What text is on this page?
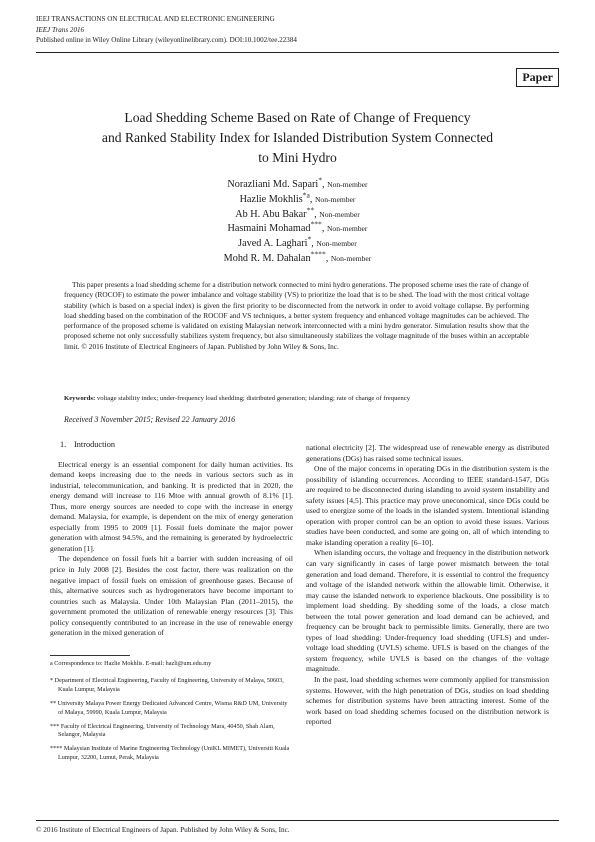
IEEJ TRANSACTIONS ON ELECTRICAL AND ELECTRONIC ENGINEERING
IEEJ Trans 2016
Published online in Wiley Online Library (wileyonlinelibrary.com). DOI:10.1002/tee.22384
Paper
Load Shedding Scheme Based on Rate of Change of Frequency
and Ranked Stability Index for Islanded Distribution System Connected
to Mini Hydro
Norazliani Md. Sapari*, Non-member
Hazlie Mokhlis$^{*a}$, Non-member
Ab H. Abu Bakar**, Non-member
Hasmaini Mohamad***, Non-member
Javed A. Laghari*, Non-member
Mohd R. M. Dahalan****, Non-member

This paper presents a load shedding scheme for a distribution network connected to mini hydro generations. The proposed scheme uses the rate of change of frequency (ROCOF) to estimate the power imbalance and voltage stability (VS) to prioritize the load that is to be shed. The load with the most critical voltage stability (which is based on a special index) is given the first priority to be disconnected from the network in order to avoid voltage collapse. By performing load shedding based on the combination of the ROCOF and VS techniques, a better system frequency and enhanced voltage magnitudes can be achieved. The performance of the proposed scheme is validated on existing Malaysian network interconnected with a mini hydro generator. Simulation results show that the proposed scheme not only successfully stabilizes system frequency, but also simultaneously stabilizes the voltage magnitude of the buses within an acceptable limit. © 2016 Institute of Electrical Engineers of Japan. Published by John Wiley & Sons, Inc.

Keywords: voltage stability index; under-frequency load shedding; distributed generation; islanding; rate of change of frequency
Received 3 November 2015; Revised 22 January 2016
1. Introduction

Electrical energy is an essential component for daily human activities. Its demand keeps increasing due to the needs in various sectors such as in industrial, telecommunication, and banking. It is predicted that in 2020, the energy demand will increase to 116 Mtoe with annual growth of 8.1% [1]. Thus, more energy sources are needed to cope with the increase in energy demand. Malaysia, for example, is dependent on the mix of energy generation especially from 1995 to 2009 [1]. Fossil fuels dominate the major power generation with almost 94.5%, and the remaining is generated by hydroelectric generation [1].

The dependence on fossil fuels hit a barrier with sudden increasing of oil price in July 2008 [2]. Besides the cost factor, there was realization on the negative impact of fossil fuels on emission of greenhouse gases. Because of this, alternative sources such as hydrogenerators have become important to countries such as Malaysia. Under 10th Malaysian Plan (2011–2015), the government promoted the utilization of renewable energy resources [3]. This policy consequently contributed to an increase in the use of renewable energy generation in the mixed generation of

national electricity [2]. The widespread use of renewable energy as distributed generations (DGs) has raised some technical issues.

One of the major concerns in operating DGs in the distribution system is the possibility of islanding occurrences. According to IEEE standard-1547, DGs are required to be disconnected during islanding to avoid system instability and safety issues [4,5]. This practice may prove uneconomical, since DGs could be used to energize some of the loads in the islanded system. Intentional islanding operation with proper control can be an option to avoid these issues. Various studies have been conducted, and some are going on, all of which intending to make islanding operation a reality [6–10].

When islanding occurs, the voltage and frequency in the distribution network can vary significantly in cases of large power mismatch between the total generation and load demand. Therefore, it is essential to control the frequency and voltage of the islanded network within the allowable limit. Otherwise, it may cause the islanded network to experience blackouts. One possibility is to implement load shedding. By shedding some of the loads, a close match between the total power generation and load demand can be achieved, and frequency can be brought back to permissible limits. Generally, there are two types of load shedding: Under-frequency load shedding (UFLS) and under-voltage load shedding (UVLS) scheme. UFLS is based on the changes of the system frequency, while UVLS is based on the changes of the voltage magnitude.

In the past, load shedding schemes were commonly applied for transmission systems. However, with the high penetration of DGs, studies on load shedding schemes for distribution systems have been attracting interest. Some of the work based on load shedding schemes focused on the distribution network is reported

a Correspondence to: Hazlie Mokhlis. E-mail: hazli@um.edu.my
* Department of Electrical Engineering, Faculty of Engineering, University of Malaya, 50603, Kuala Lumpur, Malaysia
** University Malaya Power Energy Dedicated Advanced Centre, Wisma R&D UM, University of Malaya, 59990, Kuala Lumpur, Malaysia
*** Faculty of Electrical Engineering, University of Technology Mara, 40450, Shah Alam, Selangor, Malaysia
**** Malaysian Institute of Marine Engineering Technology (UniKL MIMET), Universiti Kuala Lumpur, 32200, Lumut, Perak, Malaysia
© 2016 Institute of Electrical Engineers of Japan. Published by John Wiley & Sons, Inc.
